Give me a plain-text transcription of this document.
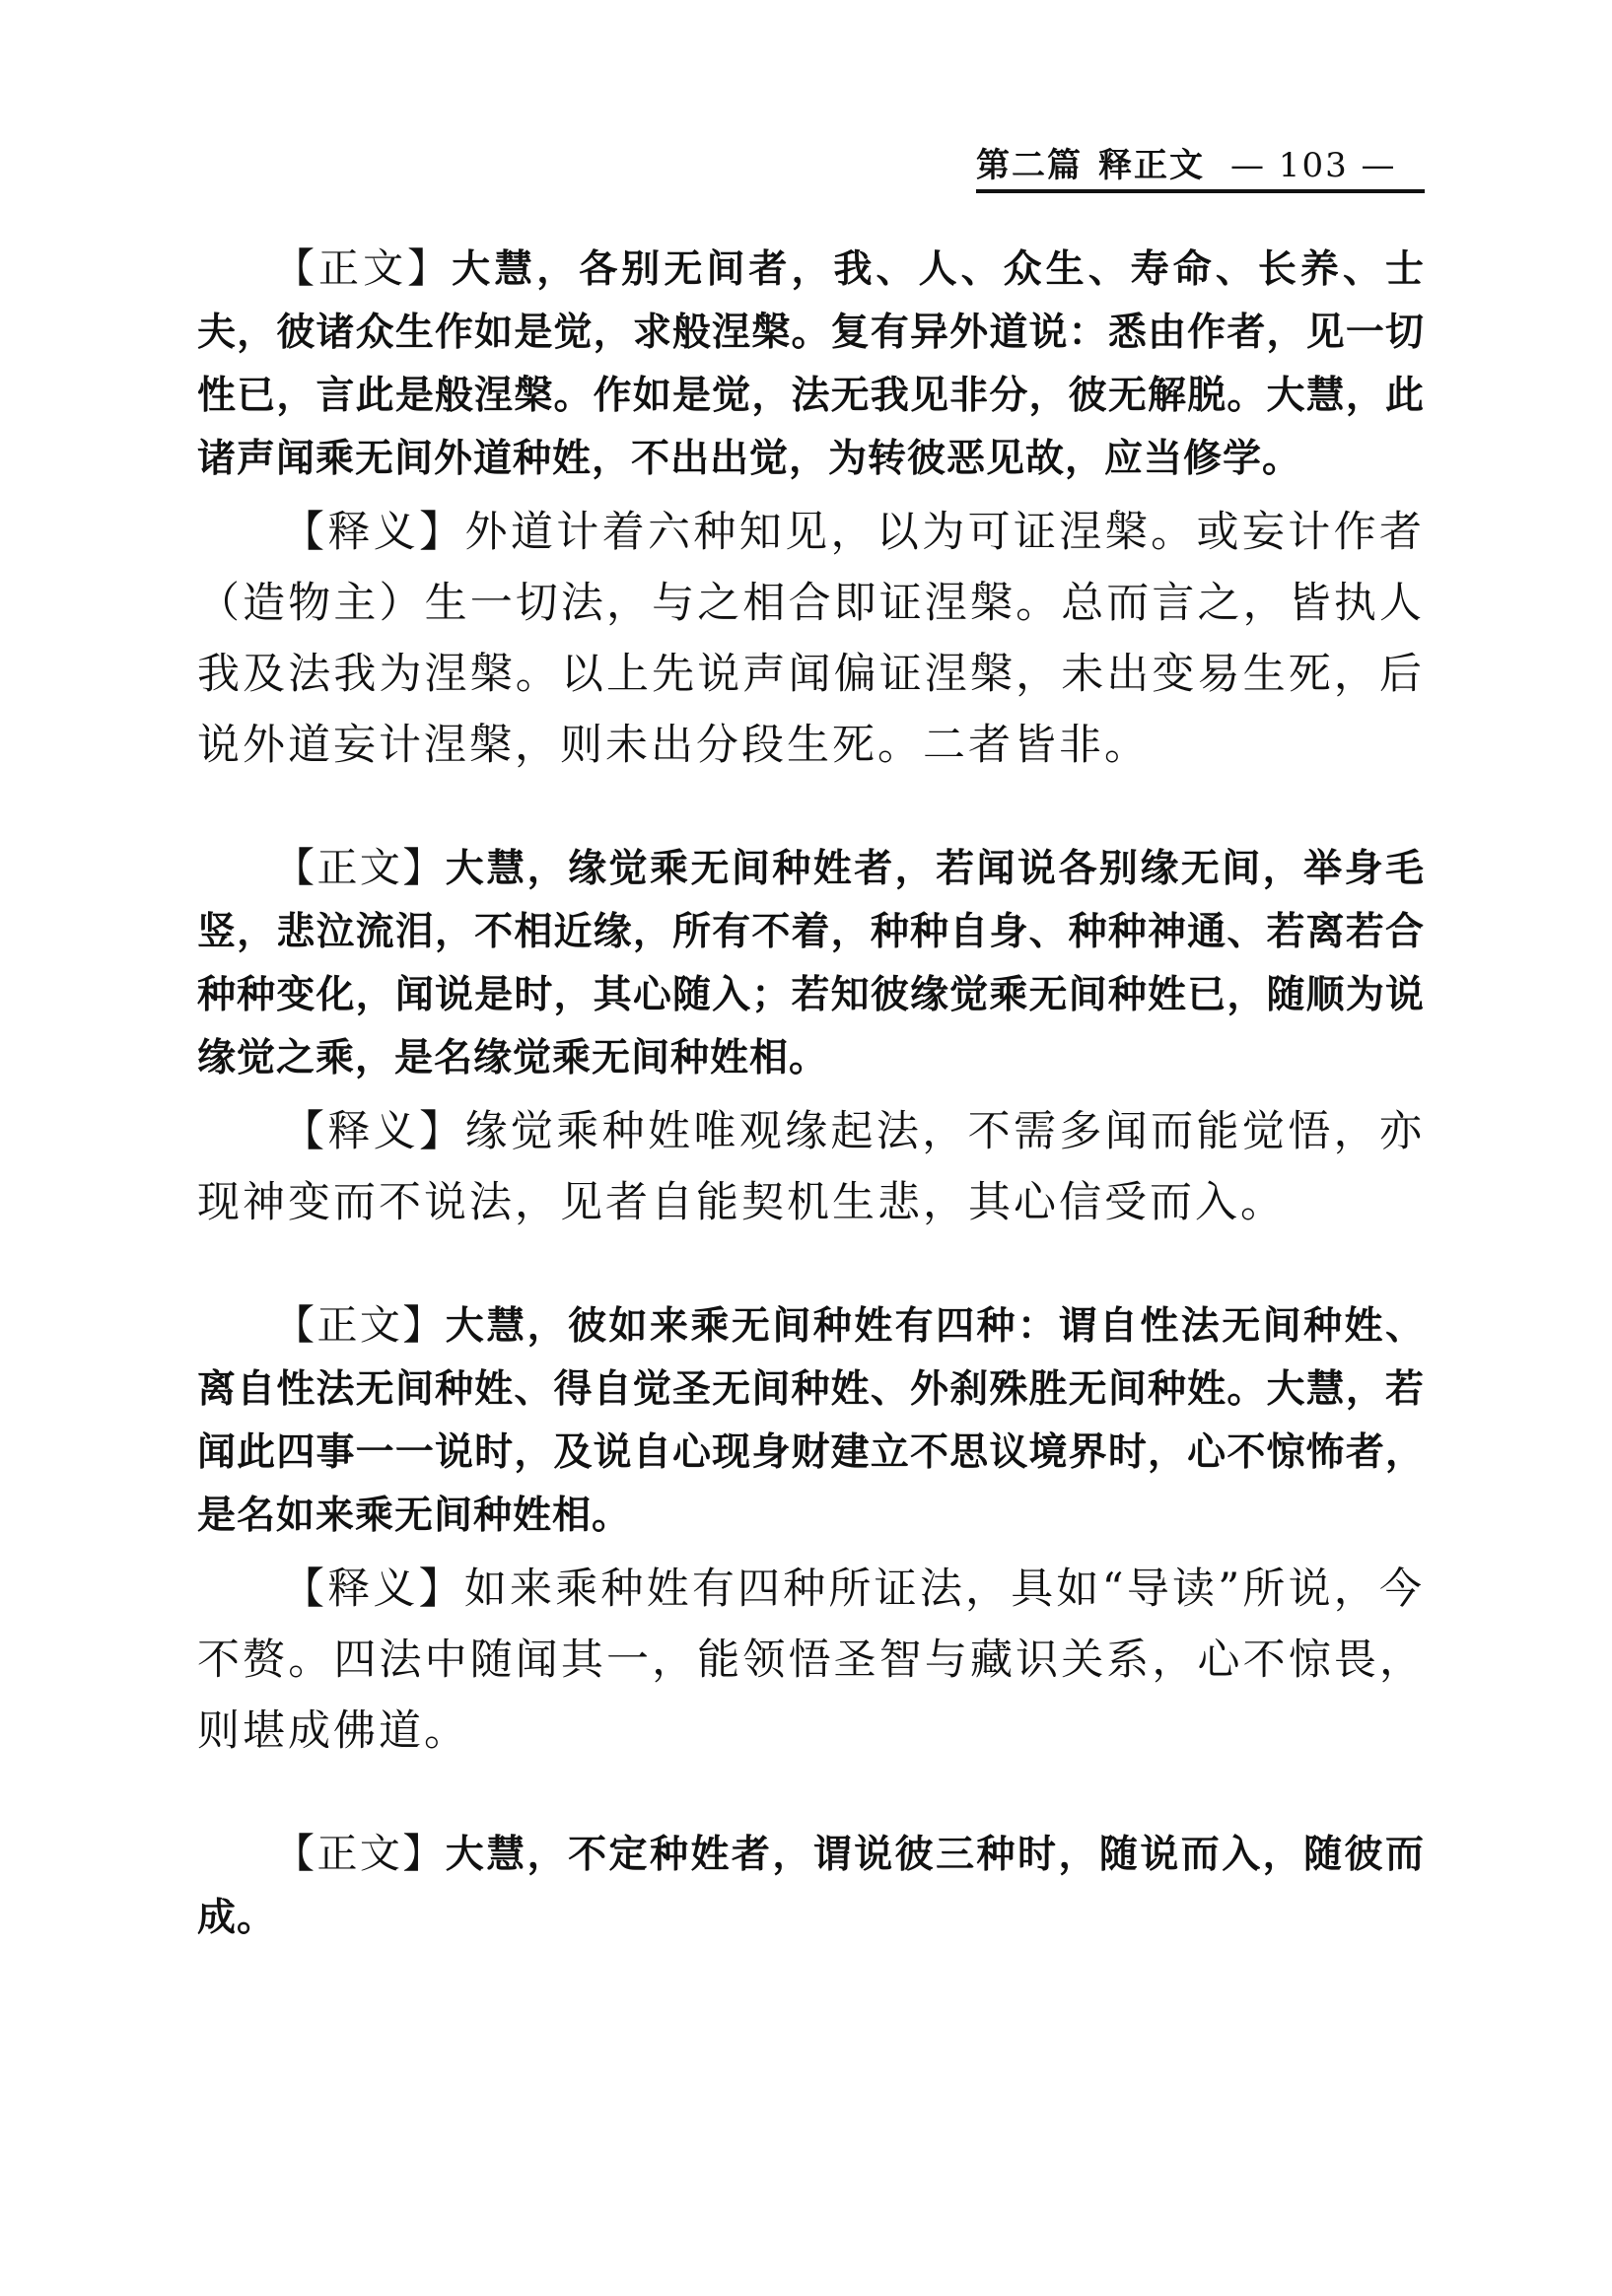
第二篇 释正文 — 103 —

【正文】大慧，各别无间者，我、人、众生、寿命、长养、士夫，彼诸众生作如是觉，求般涅槃。复有异外道说：悉由作者，见一切性已，言此是般涅槃。作如是觉，法无我见非分，彼无解脱。大慧，此诸声闻乘无间外道种姓，不出出觉，为转彼恶见故，应当修学。

【释义】外道计着六种知见，以为可证涅槃。或妄计作者（造物主）生一切法，与之相合即证涅槃。总而言之，皆执人我及法我为涅槃。以上先说声闻偏证涅槃，未出变易生死，后说外道妄计涅槃，则未出分段生死。二者皆非。

【正文】大慧，缘觉乘无间种姓者，若闻说各别缘无间，举身毛竖，悲泣流泪，不相近缘，所有不着，种种自身、种种神通、若离若合种种变化，闻说是时，其心随入；若知彼缘觉乘无间种姓已，随顺为说缘觉之乘，是名缘觉乘无间种姓相。

【释义】缘觉乘种姓唯观缘起法，不需多闻而能觉悟，亦现神变而不说法，见者自能契机生悲，其心信受而入。

【正文】大慧，彼如来乘无间种姓有四种：谓自性法无间种姓、离自性法无间种姓、得自觉圣无间种姓、外刹殊胜无间种姓。大慧，若闻此四事一一说时，及说自心现身财建立不思议境界时，心不惊怖者，是名如来乘无间种姓相。

【释义】如来乘种姓有四种所证法，具如“导读”所说，今不赘。四法中随闻其一，能领悟圣智与藏识关系，心不惊畏，则堪成佛道。

【正文】大慧，不定种姓者，谓说彼三种时，随说而入，随彼而成。
